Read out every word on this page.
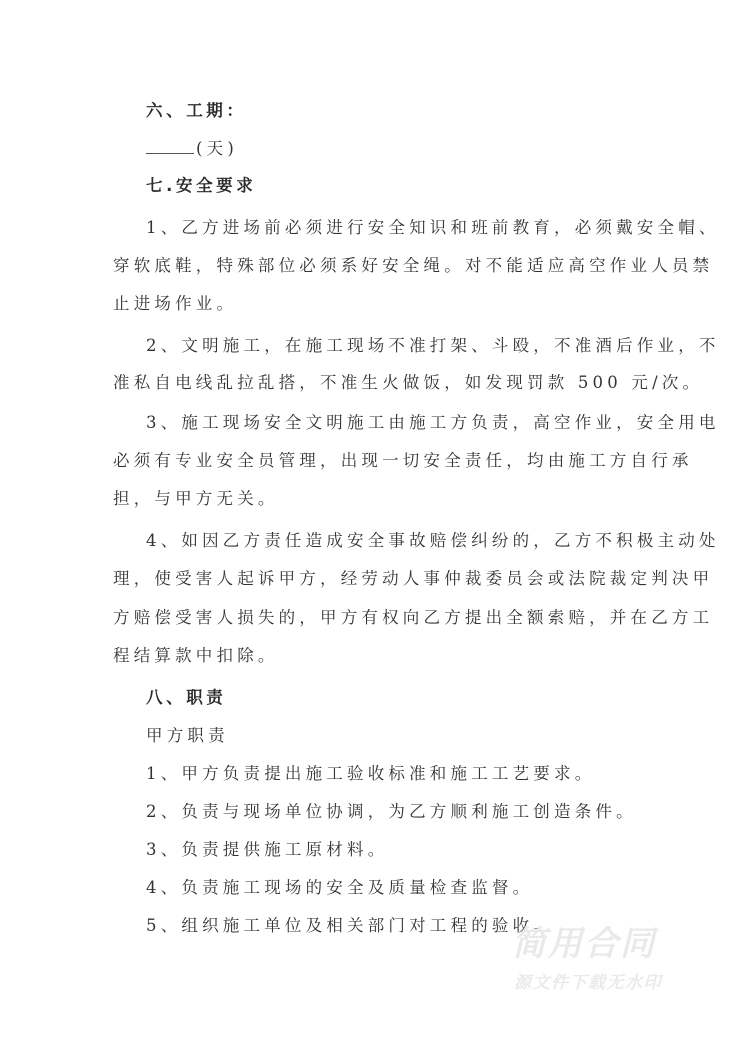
六、工期：
(天)
七.安全要求
1、乙方进场前必须进行安全知识和班前教育，必须戴安全帽、
穿软底鞋，特殊部位必须系好安全绳。对不能适应高空作业人员禁
止进场作业。
2、文明施工，在施工现场不准打架、斗殴，不准酒后作业，不
准私自电线乱拉乱搭，不准生火做饭，如发现罚款 500 元/次。
3、施工现场安全文明施工由施工方负责，高空作业，安全用电
必须有专业安全员管理，出现一切安全责任，均由施工方自行承
担，与甲方无关。
4、如因乙方责任造成安全事故赔偿纠纷的，乙方不积极主动处
理，使受害人起诉甲方，经劳动人事仲裁委员会或法院裁定判决甲
方赔偿受害人损失的，甲方有权向乙方提出全额索赔，并在乙方工
程结算款中扣除。
八、职责
甲方职责
1、甲方负责提出施工验收标准和施工工艺要求。
2、负责与现场单位协调，为乙方顺利施工创造条件。
3、负责提供施工原材料。
4、负责施工现场的安全及质量检查监督。
5、组织施工单位及相关部门对工程的验收。
简用合同
源文件下载无水印
